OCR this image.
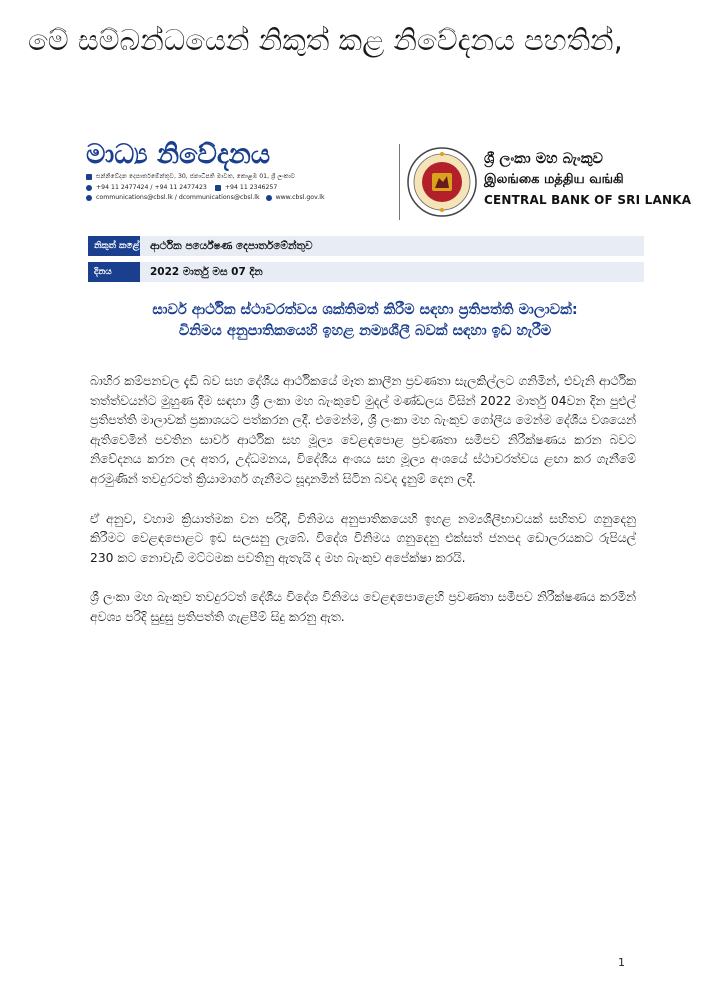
මේ සම්බන්ධයෙන් නිකුත් කළ නිවේදනය පහතින්,
මාධ්‍ය නිවේදනය
සන්නිවේදන දෙපාර්තමේන්තුව, 30, ජනාධිපති මාවත, කොළඹ 01, ශ්‍රී ලංකාව
+94 11 2477424 / +94 11 2477423	+94 11 2346257
communications@cbsl.lk / dcommunications@cbsl.lk	www.cbsl.gov.lk
ශ්‍රී ලංකා මහ බැංකුව
இலங்கை மத்திய வங்கி
CENTRAL BANK OF SRI LANKA
නිකුත් කළේ	ආර්ථික පර්යේෂණ දෙපාර්තමේන්තුව
දිනය	2022 මාර්තු මස 07 දින
සාර්ව ආර්ථික ස්ථාවරත්වය ශක්තිමත් කිරීම සඳහා ප්‍රතිපත්ති මාලාවක්:
විනිමය අනුපාතිකයෙහි ඉහළ නම්‍යශීලී බවක් සඳහා ඉඩ හැරීම

බාහිර කම්පනවල දැඩි බව සහ දේශීය ආර්ථිකයේ මෑත කාලීන ප්‍රවණතා සැලකිල්ලට ගනිමින්, එවැනි ආර්ථික තත්ත්වයන්ට මුහුණ දීම සඳහා ශ්‍රී ලංකා මහ බැංකුවේ මුදල් මණ්ඩලය විසින් 2022 මාර්තු 04වන දින පුළුල් ප්‍රතිපත්ති මාලාවක් ප්‍රකාශයට පත්කරන ලදී. එමෙන්ම, ශ්‍රී ලංකා මහ බැංකුව ගෝලීය මෙන්ම දේශීය වශයෙන් ඇතිවෙමින් පවතින සාර්ව ආර්ථික සහ මූල්‍ය වෙළඳපොළ ප්‍රවණතා සමීපව නිරීක්ෂණය කරන බවට නිවේදනය කරන ලද අතර, උද්ධමනය, විදේශීය අංශය සහ මූල්‍ය අංශයේ ස්ථාවරත්වය ළඟා කර ගැනීමේ අරමුණින් තවදුරටත් ක්‍රියාමාර්ග ගැනීමට සූදානමින් සිටින බවද දැනුම් දෙන ලදී.

ඒ අනුව, වහාම ක්‍රියාත්මක වන පරිදි, විනිමය අනුපාතිකයෙහි ඉහළ නම්‍යශීලීභාවයක් සහිතව ගනුදෙනු කිරීමට වෙළඳපොළට ඉඩ සලසනු ලැබේ. විදේශ විනිමය ගනුදෙනු එක්සත් ජනපද ඩොලරයකට රුපියල් 230 කට නොවැඩි මට්ටමක පවතිනු ඇතැයි ද මහ බැංකුව අපේක්ෂා කරයි.

ශ්‍රී ලංකා මහ බැංකුව තවදුරටත් දේශීය විදේශ විනිමය වෙළඳපොළෙහි ප්‍රවණතා සමීපව නිරීක්ෂණය කරමින් අවශ්‍ය පරිදි සුදුසු ප්‍රතිපත්ති ගැළපීම් සිදු කරනු ඇත.

1
